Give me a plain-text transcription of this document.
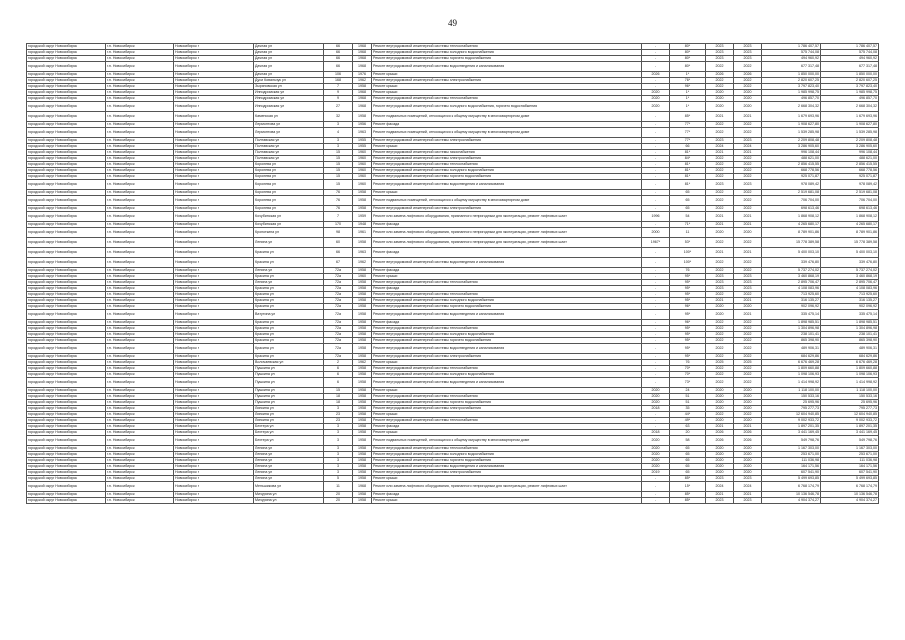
49
городской округ Новосибирск	г.п. Новосибирск	Новосибирск г	Дачная ул	66	1968	Ремонт внутридомовой инженерной системы теплоснабжения	-	80*	2023	2023	1 786 407,57	1 786 407,57
городской округ Новосибирск	г.п. Новосибирск	Новосибирск г	Дачная ул	66	1968	Ремонт внутридомовой инженерной системы холодного водоснабжения	-	80*	2023	2023	575 744,08	575 744,08
городской округ Новосибирск	г.п. Новосибирск	Новосибирск г	Дачная ул	66	1968	Ремонт внутридомовой инженерной системы горячего водоснабжения	-	80*	2023	2023	494 960,92	494 960,92
городской округ Новосибирск	г.п. Новосибирск	Новосибирск г	Дачная ул	66	1968	Ремонт внутридомовой инженерной системы водоотведения и канализования	-	80*	2022	2022	677 317,48	677 317,48
городской округ Новосибирск	г.п. Новосибирск	Новосибирск г	Дачная ул	106	1976	Ремонт крыши	2026	1*	2026	2026	1 850 000,00	1 850 000,00
городской округ Новосибирск	г.п. Новосибирск	Новосибирск г	Дуси Ковальчук ул	168	1962	Ремонт внутридомовой инженерной системы электроснабжения	-	76*	2022	2022	2 820 607,25	2 820 607,25
городской округ Новосибирск	г.п. Новосибирск	Новосибирск г	Зыряновская ул	7	1958	Ремонт крыши	-	96*	2022	2022	3 797 823,40	3 797 823,40
городской округ Новосибирск	г.п. Новосибирск	Новосибирск г	Ипподромская ул	9	1968	Ремонт крыши	2020	1*	2020	2020	1 985 998,75	1 985 998,75
городской округ Новосибирск	г.п. Новосибирск	Новосибирск г	Ипподромская ул	9	1968	Ремонт внутридомовой инженерной системы теплоснабжения	2020	1*	2020	2020	496 857,70	496 857,70
городской округ Новосибирск	г.п. Новосибирск	Новосибирск г	Ипподромская ул	27	1968	Ремонт внутридомовой инженерной системы холодного водоснабжения, горячего водоснабжения	2020	1*	2020	2020	2 668 304,32	2 668 304,32
городской округ Новосибирск	г.п. Новосибирск	Новосибирск г	Каменская ул	32	1958	Ремонт подвальных помещений, относящихся к общему имуществу в многоквартирном доме	-	85*	2021	2021	1 679 693,96	1 679 693,96
городской округ Новосибирск	г.п. Новосибирск	Новосибирск г	Лермонтова ул	3	1956	Ремонт фасада	-	77*	2022	2022	1 908 627,80	1 908 627,80
городской округ Новосибирск	г.п. Новосибирск	Новосибирск г	Лермонтова ул	4	1963	Ремонт подвальных помещений, относящихся к общему имуществу в многоквартирном доме	-	77*	2022	2022	1 539 285,98	1 539 285,98
городской округ Новосибирск	г.п. Новосибирск	Новосибирск г	Полтавская ул	3	1955	Ремонт внутридомовой инженерной системы электроснабжения	-	77*	2023	2023	2 209 808,48	2 209 808,48
городской округ Новосибирск	г.п. Новосибирск	Новосибирск г	Полтавская ул	3	1955	Ремонт крыши	-	66	2024	2024	3 286 905,60	3 286 905,60
городской округ Новосибирск	г.п. Новосибирск	Новосибирск г	Полтавская ул	15	1960	Ремонт внутридомовой инженерной системы газоснабжения	-	81*	2021	2021	996 108,44	996 108,44
городской округ Новосибирск	г.п. Новосибирск	Новосибирск г	Полтавская ул	15	1960	Ремонт внутридомовой инженерной системы электроснабжения	-	84*	2022	2022	488 621,00	488 621,00
городской округ Новосибирск	г.п. Новосибирск	Новосибирск г	Королева ул	15	1960	Ремонт внутридомовой инженерной системы теплоснабжения	-	81*	2022	2022	2 856 415,55	2 856 415,55
городской округ Новосибирск	г.п. Новосибирск	Новосибирск г	Королева ул	15	1960	Ремонт внутридомовой инженерной системы холодного водоснабжения	-	81*	2022	2022	668 778,56	668 778,56
городской округ Новосибирск	г.п. Новосибирск	Новосибирск г	Королева ул	15	1960	Ремонт внутридомовой инженерной системы горячего водоснабжения	-	81*	2022	2022	925 071,87	925 071,87
городской округ Новосибирск	г.п. Новосибирск	Новосибирск г	Королева ул	15	1960	Ремонт внутридомовой инженерной системы водоотведения и канализования	-	81*	2023	2023	978 089,42	978 089,42
городской округ Новосибирск	г.п. Новосибирск	Новосибирск г	Королева ул	76	1958	Ремонт крыши	-	65	2022	2022	2 519 681,08	2 519 681,08
городской округ Новосибирск	г.п. Новосибирск	Новосибирск г	Королева ул	76	1958	Ремонт подвальных помещений, относящихся к общему имуществу в многоквартирном доме	-	65	2022	2022	706 704,00	706 704,00
городской округ Новосибирск	г.п. Новосибирск	Новосибирск г	Королева ул	76	1958	Ремонт внутридомовой инженерной системы электроснабжения	-	65	2022	2022	698 613,46	698 613,46
городской округ Новосибирск	г.п. Новосибирск	Новосибирск г	Кочубинская ул	7	1959	Ремонт или замена лифтового оборудования, признанного непригодным для эксплуатации, ремонт лифтовых шахт	1996	54	2021	2021	1 868 908,12	1 868 908,12
городской округ Новосибирск	г.п. Новосибирск	Новосибирск г	Кочубинская ул	170	1948	Ремонт фасада	-	71*	2021	2021	4 265 680,17	4 265 680,17
городской округ Новосибирск	г.п. Новосибирск	Новосибирск г	Кропоткина ул	98	1961	Ремонт или замена лифтового оборудования, признанного непригодным для эксплуатации, ремонт лифтовых шахт	2000	11	2020	2020	8 789 901,86	8 789 901,86
городской округ Новосибирск	г.п. Новосибирск	Новосибирск г	Ленина ул	60	1958	Ремонт или замена лифтового оборудования, признанного непригодным для эксплуатации, ремонт лифтовых шахт	1967*	53*	2022	2022	15 778 389,58	15 778 389,58
городской округ Новосибирск	г.п. Новосибирск	Новосибирск г	Красина ул	66	1963	Ремонт фасада	-	100*	2021	2021	5 400 003,10	5 400 003,10
городской округ Новосибирск	г.п. Новосибирск	Новосибирск г	Красина ул	67	1962	Ремонт внутридомовой инженерной системы водоотведения и канализования	-	100*	2022	2022	339 476,80	339 476,80
городской округ Новосибирск	г.п. Новосибирск	Новосибирск г	Ленина ул	72а	1958	Ремонт фасада	-	76	2022	2022	5 737 274,02	5 737 274,02
городской округ Новосибирск	г.п. Новосибирск	Новосибирск г	Красина ул	72а	1960	Ремонт крыши	-	95*	2023	2023	3 460 868,19	3 460 868,19
городской округ Новосибирск	г.п. Новосибирск	Новосибирск г	Ленина ул	72а	1958	Ремонт внутридомовой инженерной системы теплоснабжения	-	95*	2023	2023	2 895 706,47	2 895 706,47
городской округ Новосибирск	г.п. Новосибирск	Новосибирск г	Красина ул	72а	1958	Ремонт фасада	-	95*	2023	2023	4 108 083,96	4 108 083,96
городской округ Новосибирск	г.п. Новосибирск	Новосибирск г	Красина ул	72а	1958	Ремонт внутридомовой инженерной системы теплоснабжения	-	95*	2022	2022	713 925,60	713 925,60
городской округ Новосибирск	г.п. Новосибирск	Новосибирск г	Красина ул	72а	1958	Ремонт внутридомовой инженерной системы холодного водоснабжения	-	95*	2021	2021	316 135,27	316 135,27
городской округ Новосибирск	г.п. Новосибирск	Новосибирск г	Красина ул	72а	1958	Ремонт внутридомовой инженерной системы горячего водоснабжения	-	96*	2020	2020	902 096,92	902 096,92
городской округ Новосибирск	г.п. Новосибирск	Новосибирск г	Ватутина ул	72а	1958	Ремонт внутридомовой инженерной системы водоотведения и канализования	-	95*	2020	2021	335 475,14	335 475,14
городской округ Новосибирск	г.п. Новосибирск	Новосибирск г	Красина ул	72а	1958	Ремонт фасада	-	96*	2022	2022	1 898 985,51	1 898 985,51
городской округ Новосибирск	г.п. Новосибирск	Новосибирск г	Красина ул	72а	1958	Ремонт внутридомовой инженерной системы теплоснабжения	-	95*	2022	2022	1 304 896,98	1 304 896,98
городской округ Новосибирск	г.п. Новосибирск	Новосибирск г	Красина ул	72а	1958	Ремонт внутридомовой инженерной системы холодного водоснабжения	-	95*	2022	2022	238 101,41	238 101,41
городской округ Новосибирск	г.п. Новосибирск	Новосибирск г	Красина ул	72а	1958	Ремонт внутридомовой инженерной системы горячего водоснабжения	-	95*	2022	2022	865 398,90	865 398,90
городской округ Новосибирск	г.п. Новосибирск	Новосибирск г	Красина ул	72а	1958	Ремонт внутридомовой инженерной системы водоотведения и канализования	-	95*	2022	2022	489 906,31	489 906,31
городской округ Новосибирск	г.п. Новосибирск	Новосибирск г	Красина ул	72а	1958	Ремонт внутридомовой инженерной системы электроснабжения	-	95*	2022	2022	684 629,86	684 629,86
городской округ Новосибирск	г.п. Новосибирск	Новосибирск г	Волочаевская ул	2	1962	Ремонт крыши	-	76	2025	2025	6 676 469,28	6 676 469,28
городской округ Новосибирск	г.п. Новосибирск	Новосибирск г	Пушкина ул	6	1958	Ремонт внутридомовой инженерной системы теплоснабжения	-	70*	2022	2022	1 809 660,88	1 809 660,88
городской округ Новосибирск	г.п. Новосибирск	Новосибирск г	Пушкина ул	6	1958	Ремонт внутридомовой инженерной системы холодного водоснабжения	-	70*	2022	2022	1 098 106,93	1 098 106,93
городской округ Новосибирск	г.п. Новосибирск	Новосибирск г	Пушкина ул	6	1958	Ремонт внутридомовой инженерной системы водоотведения и канализования	-	73*	2022	2022	1 414 998,92	1 414 998,92
городской округ Новосибирск	г.п. Новосибирск	Новосибирск г	Пушкина ул	15	1958	Ремонт крыши	2020	24	2020	2020	1 118 100,00	1 118 100,00
городской округ Новосибирск	г.п. Новосибирск	Новосибирск г	Пушкина ул	18	1958	Ремонт внутридомовой инженерной системы теплоснабжения	2020	51	2020	2020	150 533,16	150 533,16
городской округ Новосибирск	г.п. Новосибирск	Новосибирск г	Пушкина ул	18	1958	Ремонт внутридомовой инженерной системы горячего водоснабжения	2020	51	2020	2020	25 695,96	25 695,96
городской округ Новосибирск	г.п. Новосибирск	Новосибирск г	Липкина ул	3	1958	Ремонт внутридомовой инженерной системы электроснабжения	2018	35	2020	2020	795 277,73	795 277,73
городской округ Новосибирск	г.п. Новосибирск	Новосибирск г	Липкина ул	23	1958	Ремонт крыши	-	44*	2022	2022	12 604 940,85	12 604 940,85
городской округ Новосибирск	г.п. Новосибирск	Новосибирск г	Липкина ул	23	1958	Ремонт внутридомовой инженерной системы теплоснабжения	-	49*	2020	2020	9 002 933,72	9 002 933,72
городской округ Новосибирск	г.п. Новосибирск	Новосибирск г	Бехтера ул	3	1958	Ремонт фасада	-	63	2021	2021	1 897 201,35	1 897 201,35
городской округ Новосибирск	г.п. Новосибирск	Новосибирск г	Бехтера ул	3	1958	Ремонт крыши	2018	20	2026	2026	3 441 169,45	3 441 169,45
городской округ Новосибирск	г.п. Новосибирск	Новосибирск г	Бехтера ул	3	1958	Ремонт подвальных помещений, относящихся к общему имуществу в многоквартирном доме	2020	58	2026	2026	549 798,76	549 798,76
городской округ Новосибирск	г.п. Новосибирск	Новосибирск г	Ленина ул	3	1958	Ремонт внутридомовой инженерной системы теплоснабжения	2020	65	2020	2020	1 167 303,00	1 167 303,00
городской округ Новосибирск	г.п. Новосибирск	Новосибирск г	Ленина ул	3	1958	Ремонт внутридомовой инженерной системы холодного водоснабжения	2020	65	2020	2020	253 671,00	253 671,00
городской округ Новосибирск	г.п. Новосибирск	Новосибирск г	Ленина ул	3	1958	Ремонт внутридомовой инженерной системы горячего водоснабжения	2020	65	2020	2020	111 036,98	111 036,98
городской округ Новосибирск	г.п. Новосибирск	Новосибирск г	Ленина ул	3	1958	Ремонт внутридомовой инженерной системы водоотведения и канализования	2020	65	2020	2020	164 171,56	164 171,56
городской округ Новосибирск	г.п. Новосибирск	Новосибирск г	Ленина ул	3	1958	Ремонт внутридомовой инженерной системы электроснабжения	2019	65	2020	2020	607 541,90	607 541,90
городской округ Новосибирск	г.п. Новосибирск	Новосибирск г	Ленина ул	5	1958	Ремонт крыши	-	85*	2023	2023	5 499 693,85	5 499 693,85
городской округ Новосибирск	г.п. Новосибирск	Новосибирск г	Меньшикова ул	11	1968	Ремонт или замена лифтового оборудования, признанного непригодным для эксплуатации, ремонт лифтовых шахт	-	15*	2024	2024	6 768 174,79	6 768 174,79
городской округ Новосибирск	г.п. Новосибирск	Новосибирск г	Мичурина ул	20	1958	Ремонт фасада	-	85*	2021	2021	10 136 546,78	10 136 546,78
городской округ Новосибирск	г.п. Новосибирск	Новосибирск г	Мичурина ул	20	1958	Ремонт крыши	-	85*	2023	2023	4 904 374,27	4 904 374,27
